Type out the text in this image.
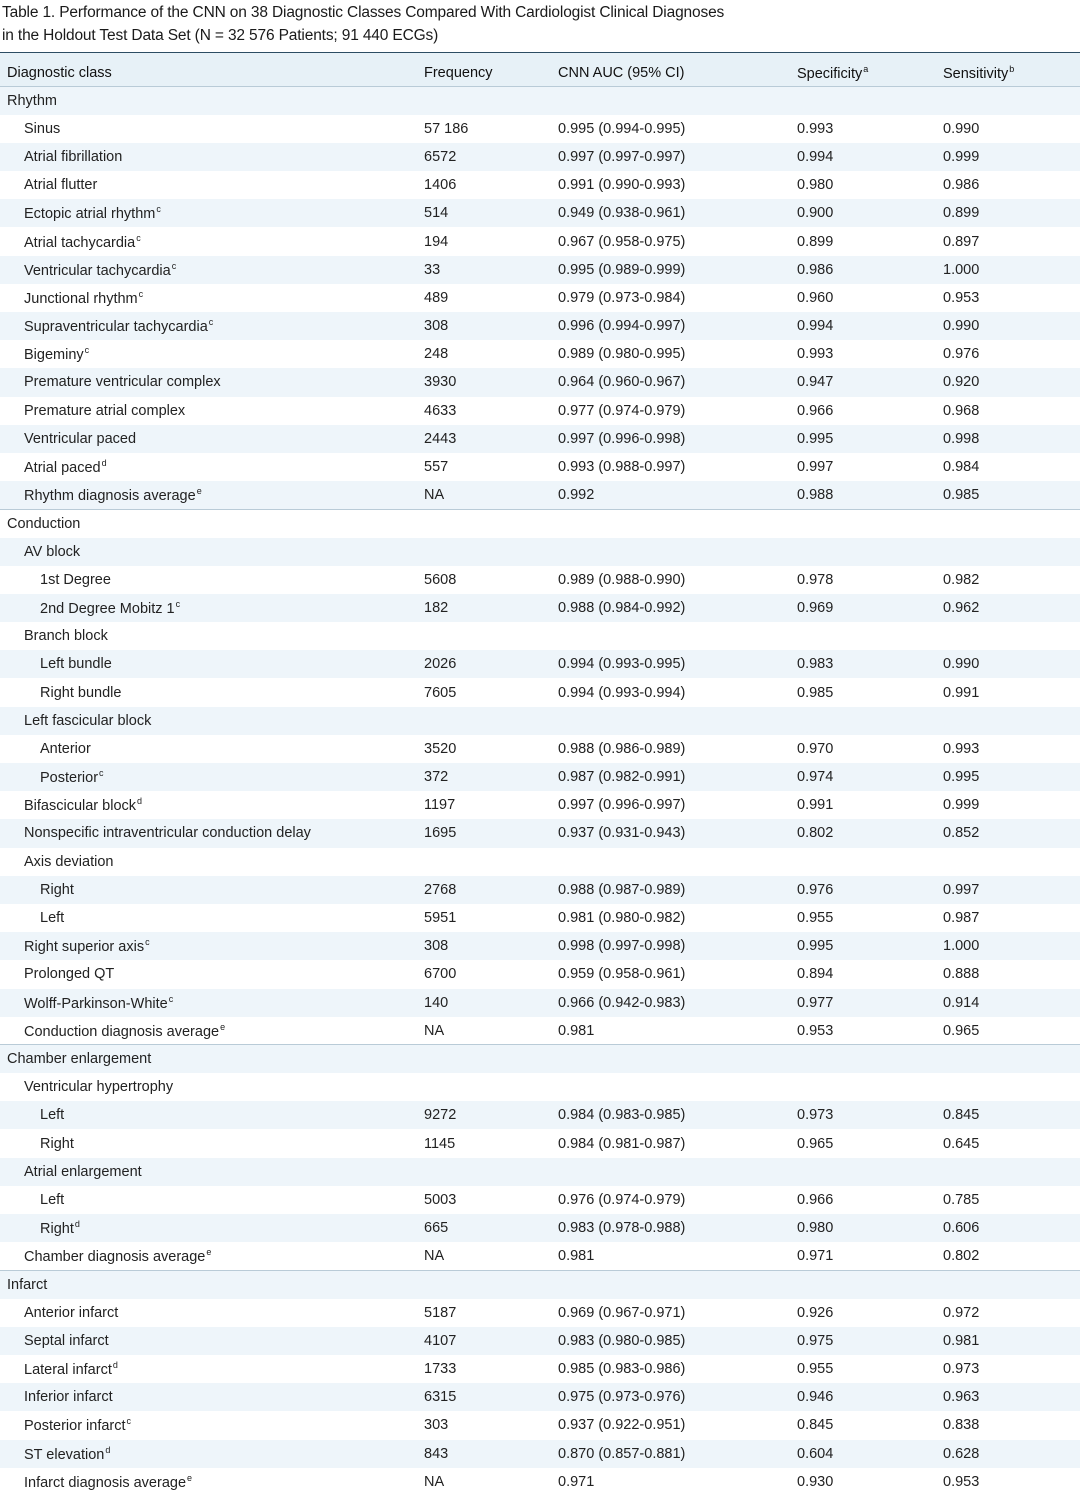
Table 1. Performance of the CNN on 38 Diagnostic Classes Compared With Cardiologist Clinical Diagnoses
in the Holdout Test Data Set (N = 32 576 Patients; 91 440 ECGs)
Diagnostic class	Frequency	CNN AUC (95% CI)	Specificity$^a$	Sensitivity$^b$
Rhythm				
Sinus	57 186	0.995 (0.994-0.995)	0.993	0.990
Atrial fibrillation	6572	0.997 (0.997-0.997)	0.994	0.999
Atrial flutter	1406	0.991 (0.990-0.993)	0.980	0.986
Ectopic atrial rhythm$^c$	514	0.949 (0.938-0.961)	0.900	0.899
Atrial tachycardia$^c$	194	0.967 (0.958-0.975)	0.899	0.897
Ventricular tachycardia$^c$	33	0.995 (0.989-0.999)	0.986	1.000
Junctional rhythm$^c$	489	0.979 (0.973-0.984)	0.960	0.953
Supraventricular tachycardia$^c$	308	0.996 (0.994-0.997)	0.994	0.990
Bigeminy$^c$	248	0.989 (0.980-0.995)	0.993	0.976
Premature ventricular complex	3930	0.964 (0.960-0.967)	0.947	0.920
Premature atrial complex	4633	0.977 (0.974-0.979)	0.966	0.968
Ventricular paced	2443	0.997 (0.996-0.998)	0.995	0.998
Atrial paced$^d$	557	0.993 (0.988-0.997)	0.997	0.984
Rhythm diagnosis average$^e$	NA	0.992	0.988	0.985
Conduction				
AV block				
1st Degree	5608	0.989 (0.988-0.990)	0.978	0.982
2nd Degree Mobitz 1$^c$	182	0.988 (0.984-0.992)	0.969	0.962
Branch block				
Left bundle	2026	0.994 (0.993-0.995)	0.983	0.990
Right bundle	7605	0.994 (0.993-0.994)	0.985	0.991
Left fascicular block				
Anterior	3520	0.988 (0.986-0.989)	0.970	0.993
Posterior$^c$	372	0.987 (0.982-0.991)	0.974	0.995
Bifascicular block$^d$	1197	0.997 (0.996-0.997)	0.991	0.999
Nonspecific intraventricular conduction delay	1695	0.937 (0.931-0.943)	0.802	0.852
Axis deviation				
Right	2768	0.988 (0.987-0.989)	0.976	0.997
Left	5951	0.981 (0.980-0.982)	0.955	0.987
Right superior axis$^c$	308	0.998 (0.997-0.998)	0.995	1.000
Prolonged QT	6700	0.959 (0.958-0.961)	0.894	0.888
Wolff-Parkinson-White$^c$	140	0.966 (0.942-0.983)	0.977	0.914
Conduction diagnosis average$^e$	NA	0.981	0.953	0.965
Chamber enlargement				
Ventricular hypertrophy				
Left	9272	0.984 (0.983-0.985)	0.973	0.845
Right	1145	0.984 (0.981-0.987)	0.965	0.645
Atrial enlargement				
Left	5003	0.976 (0.974-0.979)	0.966	0.785
Right$^d$	665	0.983 (0.978-0.988)	0.980	0.606
Chamber diagnosis average$^e$	NA	0.981	0.971	0.802
Infarct				
Anterior infarct	5187	0.969 (0.967-0.971)	0.926	0.972
Septal infarct	4107	0.983 (0.980-0.985)	0.975	0.981
Lateral infarct$^d$	1733	0.985 (0.983-0.986)	0.955	0.973
Inferior infarct	6315	0.975 (0.973-0.976)	0.946	0.963
Posterior infarct$^c$	303	0.937 (0.922-0.951)	0.845	0.838
ST elevation$^d$	843	0.870 (0.857-0.881)	0.604	0.628
Infarct diagnosis average$^e$	NA	0.971	0.930	0.953
